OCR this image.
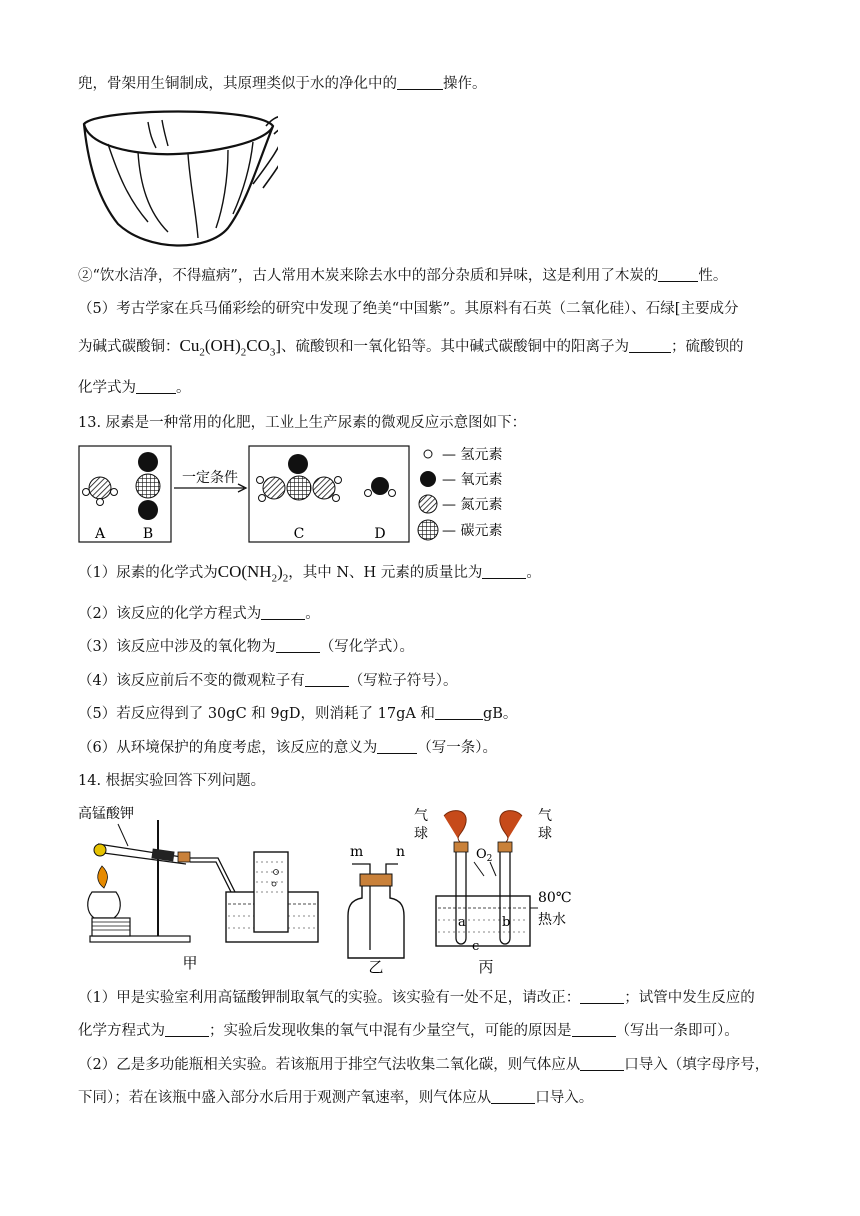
兜，骨架用生铜制成，其原理类似于水的净化中的	操作。
②“饮水洁净，不得瘟病”，古人常用木炭来除去水中的部分杂质和异味，这是利用了木炭的	性。
（5）考古学家在兵马俑彩绘的研究中发现了绝美“中国紫”。其原料有石英（二氧化硅）、石绿[主要成分
为碱式碳酸铜：$Cu_2(OH)_2CO_3$]、硫酸钡和一氧化铅等。其中碱式碳酸铜中的阳离子为	；硫酸钡的
化学式为	。
13. 尿素是一种常用的化肥，工业上生产尿素的微观反应示意图如下：
A	B
一定条件
C	D
— 氢元素
— 氧元素
— 氮元素
— 碳元素
（1）尿素的化学式为$CO(NH_2)_2$，其中 N、H 元素的质量比为	。
（2）该反应的化学方程式为	。
（3）该反应中涉及的氧化物为	（写化学式）。
（4）该反应前后不变的微观粒子有	（写粒子符号）。
（5）若反应得到了 30gC 和 9gD，则消耗了 17gA 和	gB。
（6）从环境保护的角度考虑，该反应的意义为	（写一条）。
14. 根据实验回答下列问题。
高锰酸钾
甲
m n
乙
气
球
气
球
$O_2$
a	b
c
80℃
热水
丙
（1）甲是实验室利用高锰酸钾制取氧气的实验。该实验有一处不足，请改正：	；试管中发生反应的
化学方程式为	；实验后发现收集的氧气中混有少量空气，可能的原因是	（写出一条即可）。
（2）乙是多功能瓶相关实验。若该瓶用于排空气法收集二氧化碳，则气体应从	口导入（填字母序号，
下同）；若在该瓶中盛入部分水后用于观测产氧速率，则气体应从	口导入。
